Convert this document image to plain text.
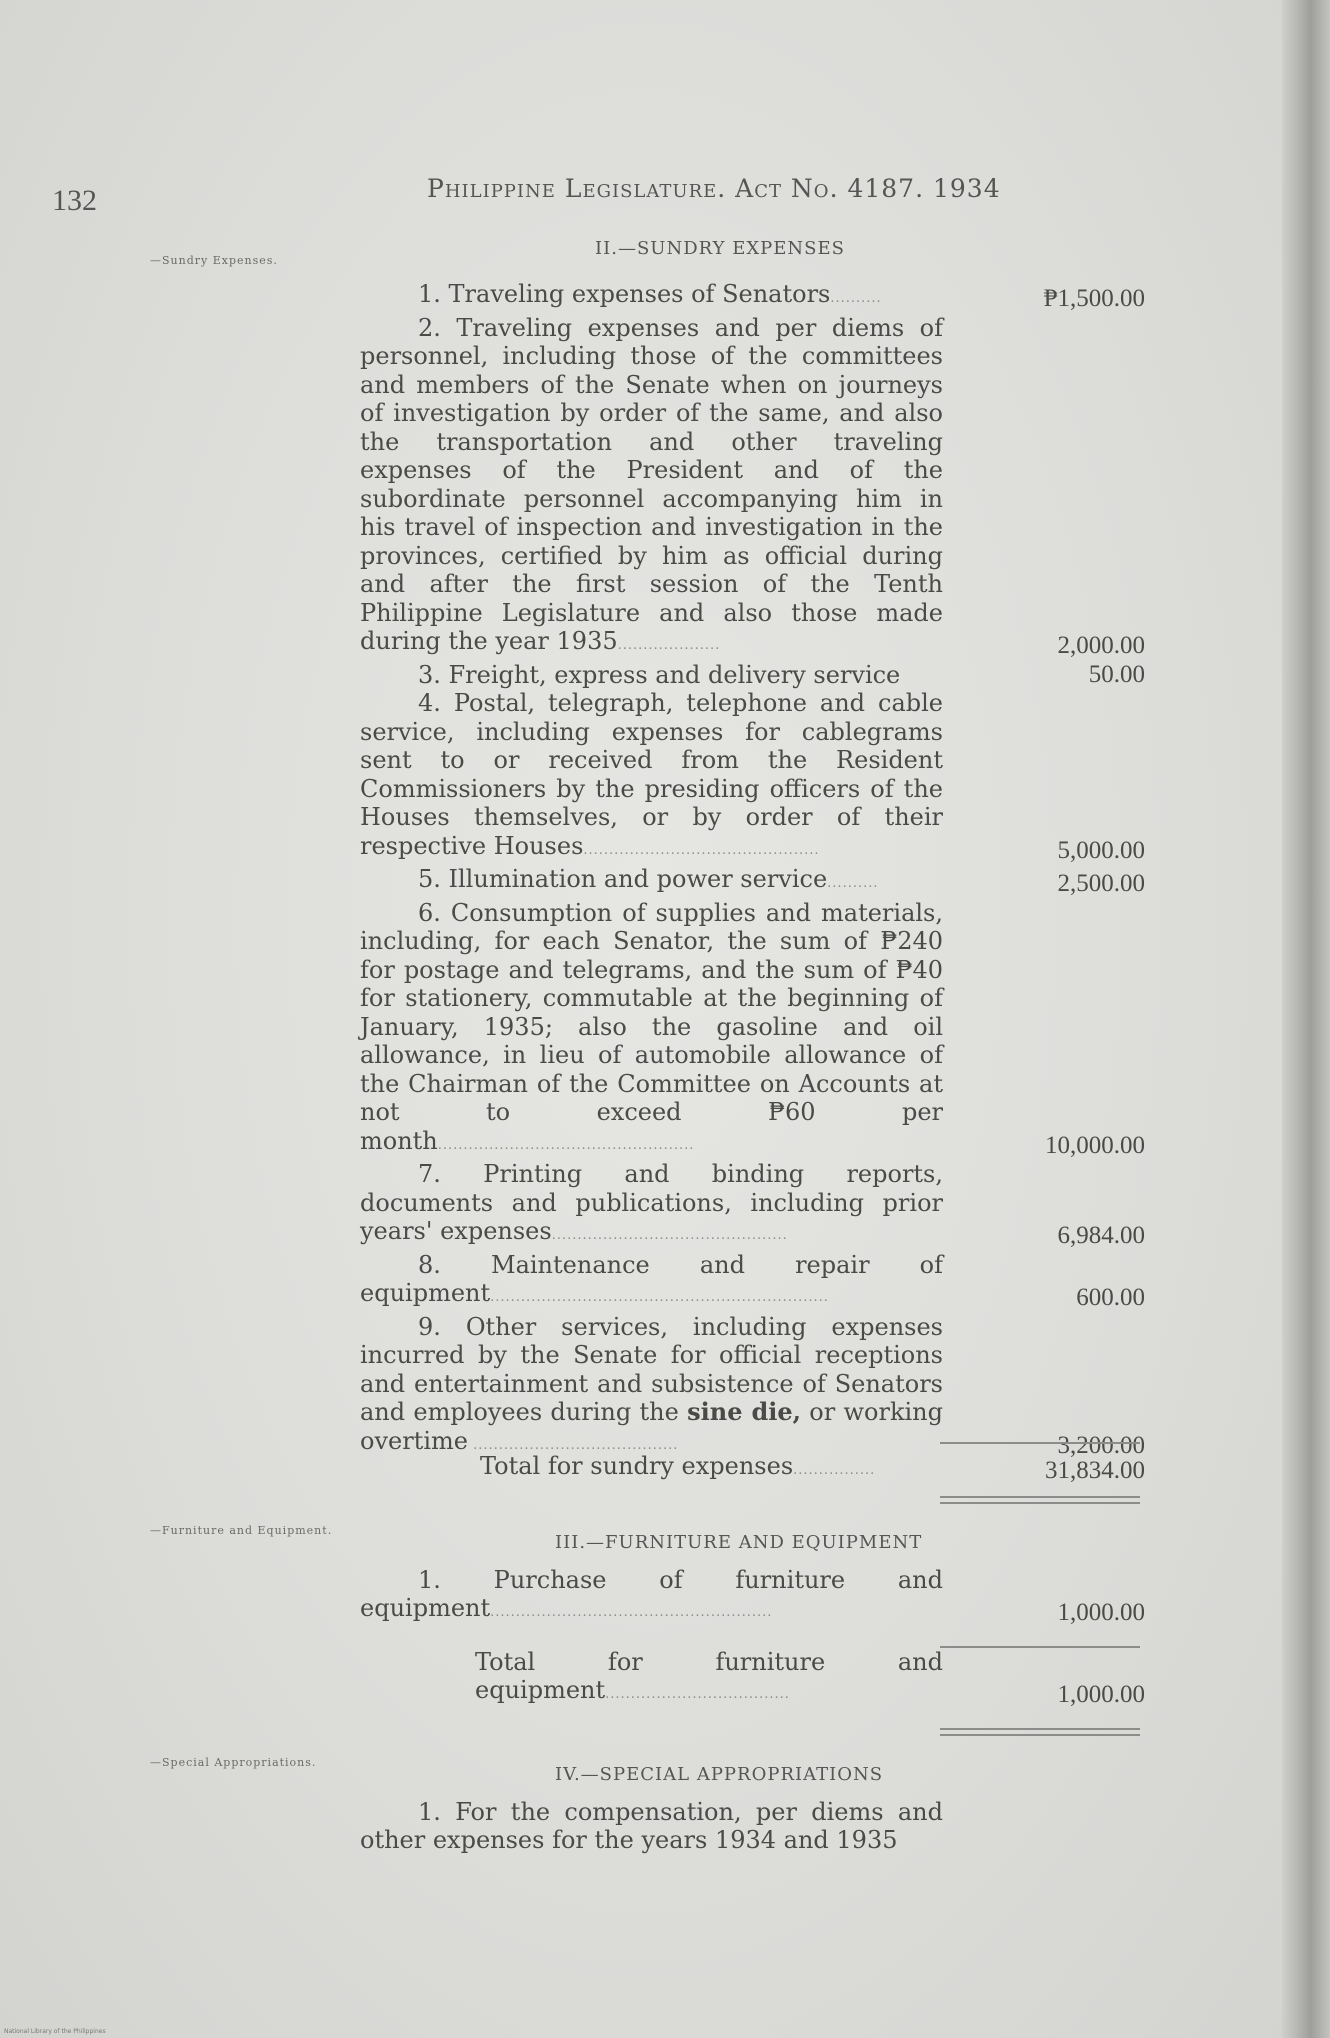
132	Philippine Legislature. Act No. 4187. 1934
—Sundry Expenses.
II.—SUNDRY EXPENSES
1. Traveling expenses of Senators..........	₱1,500.00
2. Traveling expenses and per diems of personnel, including those of the committees and members of the Senate when on journeys of investigation by order of the same, and also the transportation and other traveling expenses of the President and of the subordinate personnel accompanying him in his travel of inspection and investigation in the provinces, certified by him as official during and after the first session of the Tenth Philippine Legislature and also those made during the year 1935....................	2,000.00
3. Freight, express and delivery service	50.00
4. Postal, telegraph, telephone and cable service, including expenses for cablegrams sent to or received from the Resident Commissioners by the presiding officers of the Houses themselves, or by order of their respective Houses..............................................	5,000.00
5. Illumination and power service..........	2,500.00
6. Consumption of supplies and materials, including, for each Senator, the sum of ₱240 for postage and telegrams, and the sum of ₱40 for stationery, commutable at the beginning of January, 1935; also the gasoline and oil allowance, in lieu of automobile allowance of the Chairman of the Committee on Accounts at not to exceed ₱60 per month..................................................	10,000.00
7. Printing and binding reports, documents and publications, including prior years' expenses..............................................	6,984.00
8. Maintenance and repair of equipment..................................................................	600.00
9. Other services, including expenses incurred by the Senate for official receptions and entertainment and subsistence of Senators and employees during the sine die, or working overtime ........................................	3,200.00
Total for sundry expenses................	31,834.00
—Furniture and Equipment.
III.—FURNITURE AND EQUIPMENT
1. Purchase of furniture and equipment.......................................................	1,000.00
Total for furniture and equipment....................................	1,000.00
—Special Appropriations.
IV.—SPECIAL APPROPRIATIONS
1. For the compensation, per diems and other expenses for the years 1934 and 1935
National Library of the Philippines
